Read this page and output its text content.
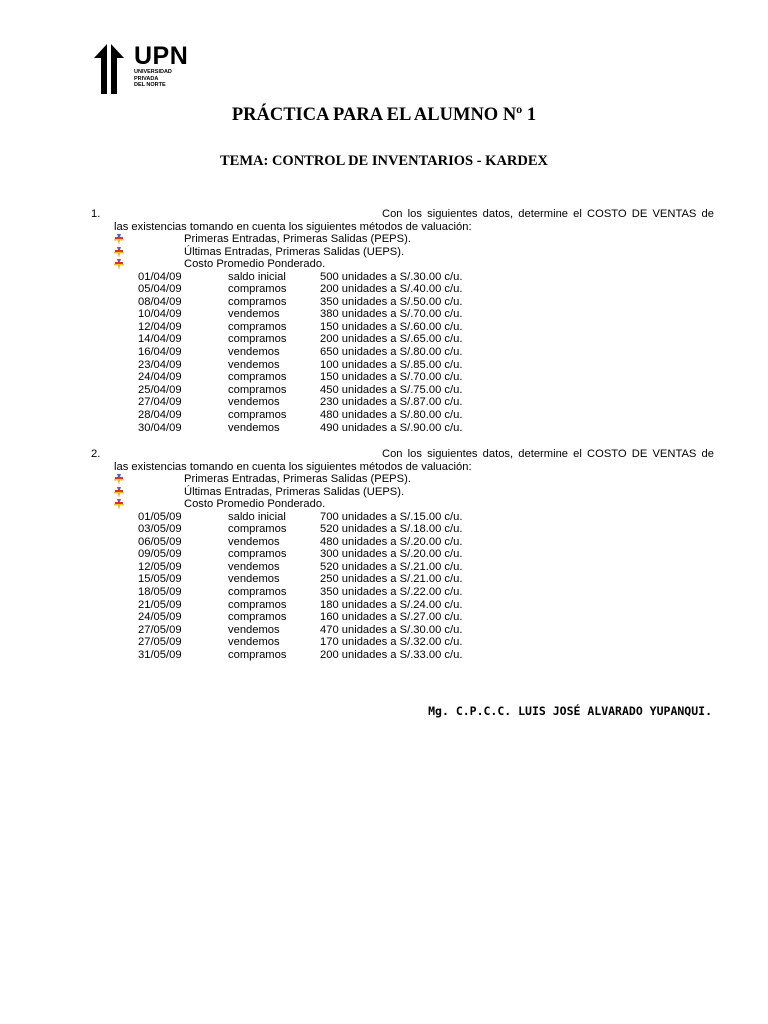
UPN
UNIVERSIDAD
PRIVADA
DEL NORTE
PRÁCTICA PARA EL ALUMNO Nº 1
TEMA: CONTROL DE INVENTARIOS - KARDEX
1.	Con los siguientes datos, determine el COSTO DE VENTAS de
las existencias tomando en cuenta los siguientes métodos de valuación:
Primeras Entradas, Primeras Salidas (PEPS).
Últimas Entradas, Primeras Salidas (UEPS).
Costo Promedio Ponderado.
01/04/09	saldo inicial	500 unidades a S/.30.00 c/u.
05/04/09	compramos	200 unidades a S/.40.00 c/u.
08/04/09	compramos	350 unidades a S/.50.00 c/u.
10/04/09	vendemos	380 unidades a S/.70.00 c/u.
12/04/09	compramos	150 unidades a S/.60.00 c/u.
14/04/09	compramos	200 unidades a S/.65.00 c/u.
16/04/09	vendemos	650 unidades a S/.80.00 c/u.
23/04/09	vendemos	100 unidades a S/.85.00 c/u.
24/04/09	compramos	150 unidades a S/.70.00 c/u.
25/04/09	compramos	450 unidades a S/.75.00 c/u.
27/04/09	vendemos	230 unidades a S/.87.00 c/u.
28/04/09	compramos	480 unidades a S/.80.00 c/u.
30/04/09	vendemos	490 unidades a S/.90.00 c/u.
2.	Con los siguientes datos, determine el COSTO DE VENTAS de
las existencias tomando en cuenta los siguientes métodos de valuación:
Primeras Entradas, Primeras Salidas (PEPS).
Últimas Entradas, Primeras Salidas (UEPS).
Costo Promedio Ponderado.
01/05/09	saldo inicial	700 unidades a S/.15.00 c/u.
03/05/09	compramos	520 unidades a S/.18.00 c/u.
06/05/09	vendemos	480 unidades a S/.20.00 c/u.
09/05/09	compramos	300 unidades a S/.20.00 c/u.
12/05/09	vendemos	520 unidades a S/.21.00 c/u.
15/05/09	vendemos	250 unidades a S/.21.00 c/u.
18/05/09	compramos	350 unidades a S/.22.00 c/u.
21/05/09	compramos	180 unidades a S/.24.00 c/u.
24/05/09	compramos	160 unidades a S/.27.00 c/u.
27/05/09	vendemos	470 unidades a S/.30.00 c/u.
27/05/09	vendemos	170 unidades a S/.32.00 c/u.
31/05/09	compramos	200 unidades a S/.33.00 c/u.
Mg. C.P.C.C. LUIS JOSÉ ALVARADO YUPANQUI.
